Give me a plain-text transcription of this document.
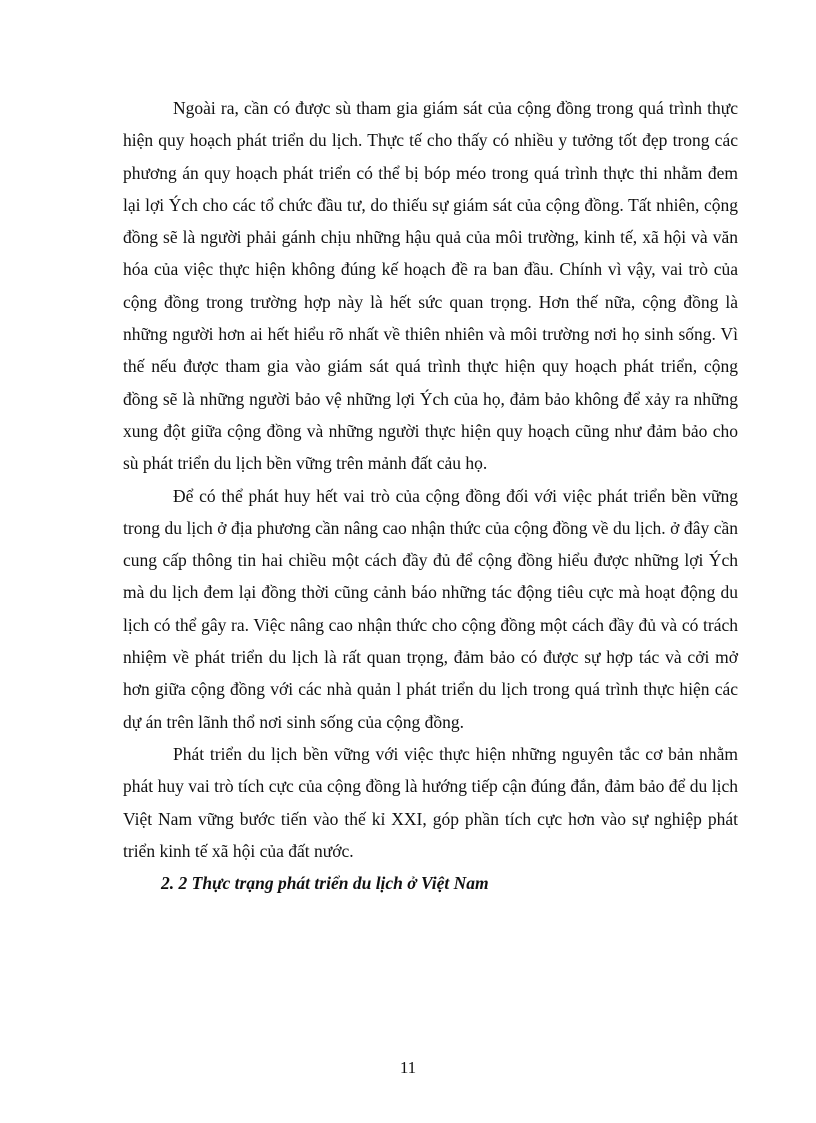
Ngoài ra, cần có được sù tham gia giám sát của cộng đồng trong quá trình thực hiện quy hoạch phát triển du lịch. Thực tế cho thấy có nhiều y tưởng tốt đẹp trong các phương án quy hoạch phát triển có thể bị bóp méo trong quá trình thực thi nhằm đem lại lợi Ých cho các tổ chức đầu tư, do thiếu sự giám sát của cộng đồng. Tất nhiên, cộng đồng sẽ là người phải gánh chịu những hậu quả của môi trường, kinh tế, xã hội và văn hóa của việc thực hiện không đúng kế hoạch đề ra ban đầu. Chính vì vậy, vai trò của cộng đồng trong trường hợp này là hết sức quan trọng. Hơn thế nữa, cộng đồng là những người hơn ai hết hiểu rõ nhất về thiên nhiên và môi trường nơi họ sinh sống. Vì thế nếu được tham gia vào giám sát quá trình thực hiện quy hoạch phát triển, cộng đồng sẽ là những người bảo vệ những lợi Ých của họ, đảm bảo không để xảy ra những xung đột giữa cộng đồng và những người thực hiện quy hoạch cũng như đảm bảo cho sù phát triển du lịch bền vững trên mảnh đất cảu họ.

Để có thể phát huy hết vai trò của cộng đồng đối với việc phát triển bền vững trong du lịch ở địa phương cần nâng cao nhận thức của cộng đồng về du lịch. ở đây cần cung cấp thông tin hai chiều một cách đầy đủ để cộng đồng hiểu được những lợi Ých mà du lịch đem lại đồng thời cũng cảnh báo những tác động tiêu cực mà hoạt động du lịch có thể gây ra. Việc nâng cao nhận thức cho cộng đồng một cách đầy đủ và có trách nhiệm về phát triển du lịch là rất quan trọng, đảm bảo có được sự hợp tác và cởi mở hơn giữa cộng đồng với các nhà quản l phát triển du lịch trong quá trình thực hiện các dự án trên lãnh thổ nơi sinh sống của cộng đồng.

Phát triển du lịch bền vững với việc thực hiện những nguyên tắc cơ bản nhằm phát huy vai trò tích cực của cộng đồng là hướng tiếp cận đúng đắn, đảm bảo để du lịch Việt Nam vững bước tiến vào thế kỉ XXI, góp phần tích cực hơn vào sự nghiệp phát triển kinh tế xã hội của đất nước.

2. 2 Thực trạng phát triển du lịch ở Việt Nam

11
